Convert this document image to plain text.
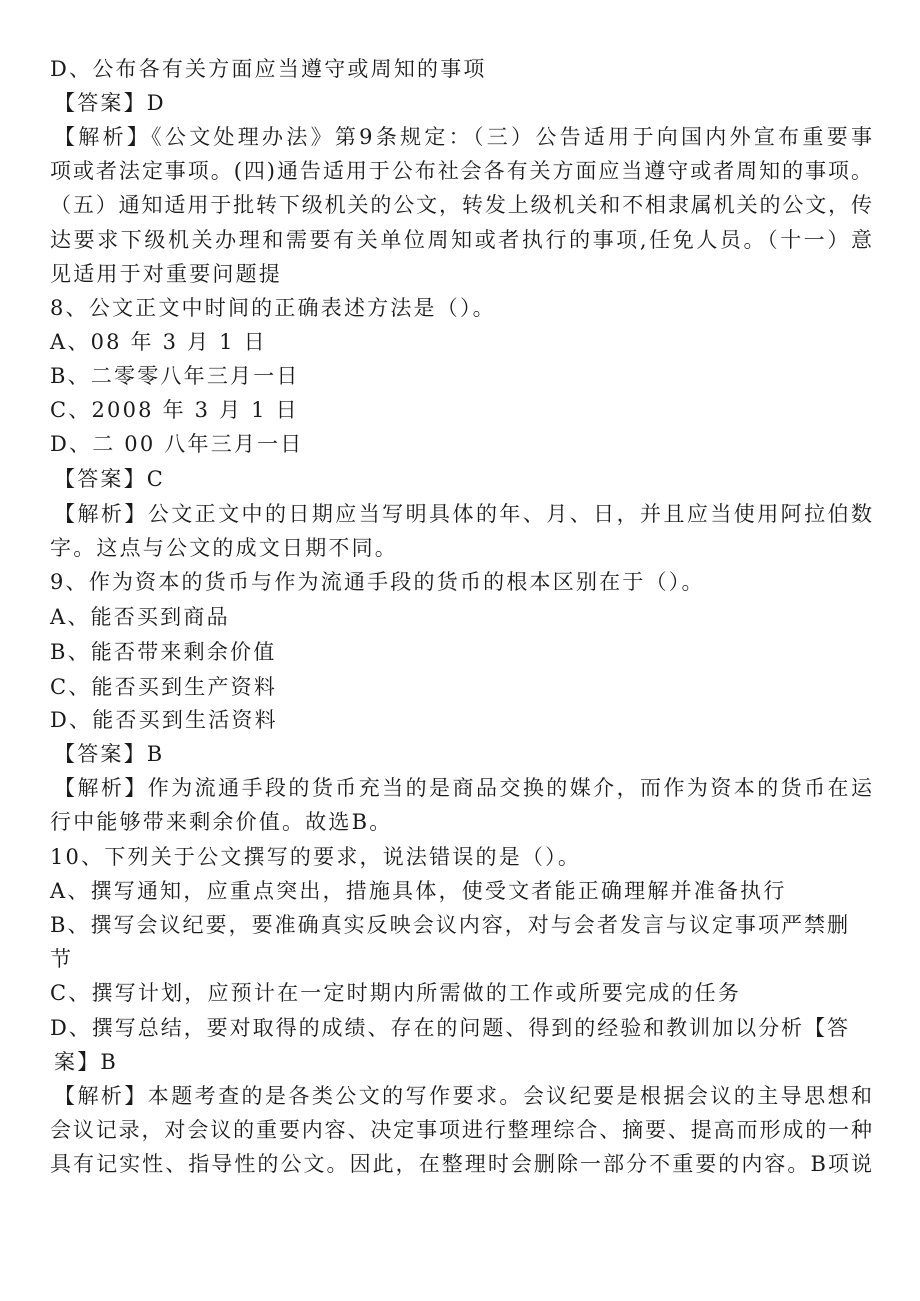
D、公布各有关方面应当遵守或周知的事项
【答案】D
【解析】《公文处理办法》第9条规定：（三）公告适用于向国内外宣布重要事
项或者法定事项。(四)通告适用于公布社会各有关方面应当遵守或者周知的事项。
（五）通知适用于批转下级机关的公文，转发上级机关和不相隶属机关的公文，传
达要求下级机关办理和需要有关单位周知或者执行的事项,任免人员。（十一）意
见适用于对重要问题提
8、公文正文中时间的正确表述方法是（）。
A、08 年 3 月 1 日
B、二零零八年三月一日
C、2008 年 3 月 1 日
D、二 00 八年三月一日
【答案】C
【解析】公文正文中的日期应当写明具体的年、月、日，并且应当使用阿拉伯数
字。这点与公文的成文日期不同。
9、作为资本的货币与作为流通手段的货币的根本区别在于（）。
A、能否买到商品
B、能否带来剩余价值
C、能否买到生产资料
D、能否买到生活资料
【答案】B
【解析】作为流通手段的货币充当的是商品交换的媒介，而作为资本的货币在运
行中能够带来剩余价值。故选B。
10、下列关于公文撰写的要求，说法错误的是（）。
A、撰写通知，应重点突出，措施具体，使受文者能正确理解并准备执行
B、撰写会议纪要，要准确真实反映会议内容，对与会者发言与议定事项严禁删
节
C、撰写计划，应预计在一定时期内所需做的工作或所要完成的任务
D、撰写总结，要对取得的成绩、存在的问题、得到的经验和教训加以分析【答
案】B
【解析】本题考查的是各类公文的写作要求。会议纪要是根据会议的主导思想和
会议记录，对会议的重要内容、决定事项进行整理综合、摘要、提高而形成的一种
具有记实性、指导性的公文。因此，在整理时会删除一部分不重要的内容。B项说
